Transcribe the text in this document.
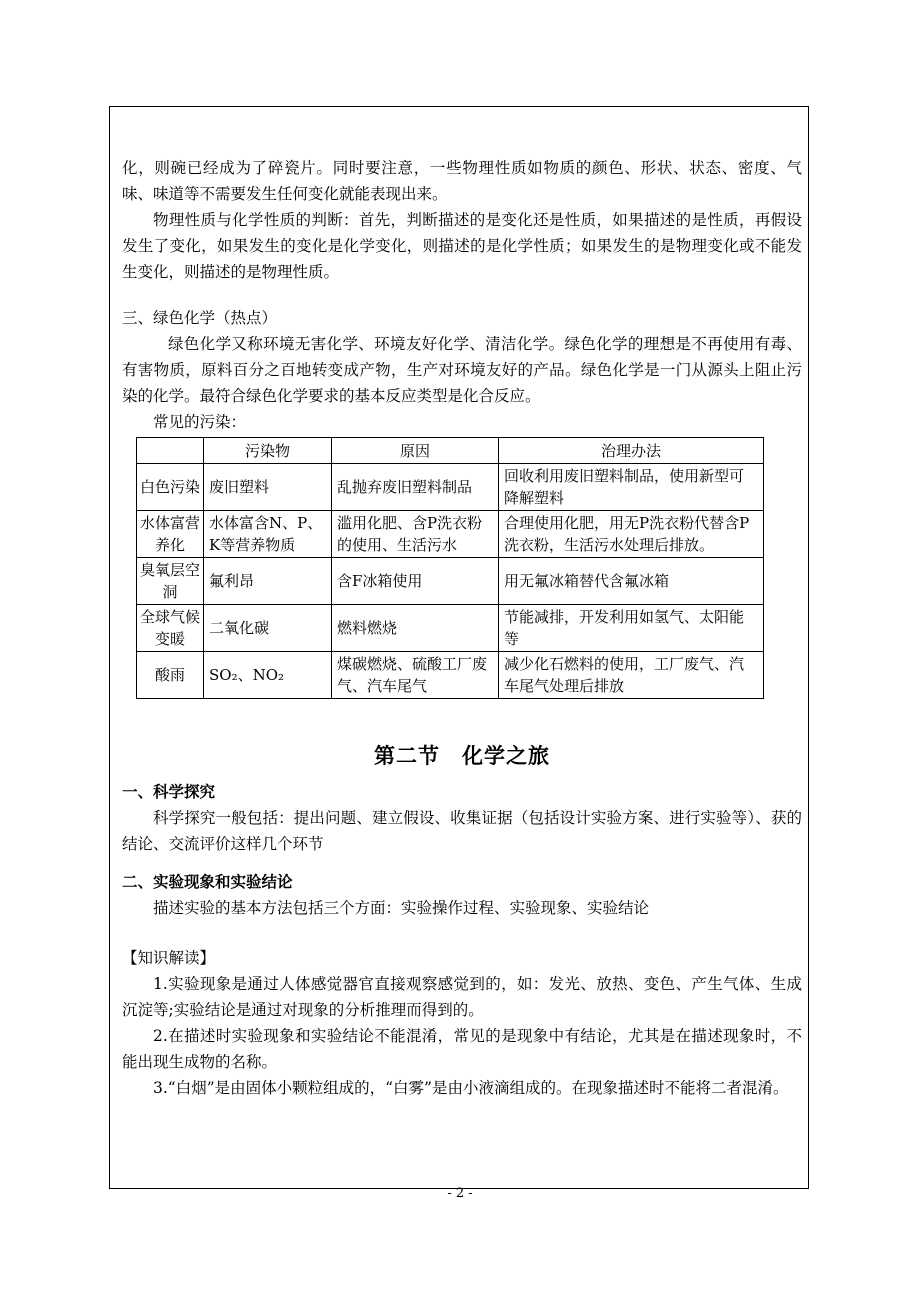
化，则碗已经成为了碎瓷片。同时要注意，一些物理性质如物质的颜色、形状、状态、密度、气味、味道等不需要发生任何变化就能表现出来。

物理性质与化学性质的判断：首先，判断描述的是变化还是性质，如果描述的是性质，再假设发生了变化，如果发生的变化是化学变化，则描述的是化学性质；如果发生的是物理变化或不能发生变化，则描述的是物理性质。

三、绿色化学（热点）

绿色化学又称环境无害化学、环境友好化学、清洁化学。绿色化学的理想是不再使用有毒、有害物质，原料百分之百地转变成产物，生产对环境友好的产品。绿色化学是一门从源头上阻止污染的化学。最符合绿色化学要求的基本反应类型是化合反应。

常见的污染：

	污染物	原因	治理办法
白色污染	废旧塑料	乱抛弃废旧塑料制品	回收利用废旧塑料制品，使用新型可降解塑料
水体富营养化	水体富含N、P、K等营养物质	滥用化肥、含P洗衣粉的使用、生活污水	合理使用化肥，用无P洗衣粉代替含P洗衣粉，生活污水处理后排放。
臭氧层空洞	氟利昂	含F冰箱使用	用无氟冰箱替代含氟冰箱
全球气候变暖	二氧化碳	燃料燃烧	节能减排，开发利用如氢气、太阳能等
酸雨	SO₂、NO₂	煤碳燃烧、硫酸工厂废气、汽车尾气	减少化石燃料的使用，工厂废气、汽车尾气处理后排放
第二节　化学之旅

一、科学探究

科学探究一般包括：提出问题、建立假设、收集证据（包括设计实验方案、进行实验等）、获的结论、交流评价这样几个环节

二、实验现象和实验结论

描述实验的基本方法包括三个方面：实验操作过程、实验现象、实验结论

【知识解读】

1.实验现象是通过人体感觉器官直接观察感觉到的，如：发光、放热、变色、产生气体、生成沉淀等;实验结论是通过对现象的分析推理而得到的。

2.在描述时实验现象和实验结论不能混淆，常见的是现象中有结论，尤其是在描述现象时，不能出现生成物的名称。

3.“白烟”是由固体小颗粒组成的，“白雾”是由小液滴组成的。在现象描述时不能将二者混淆。

- 2 -
